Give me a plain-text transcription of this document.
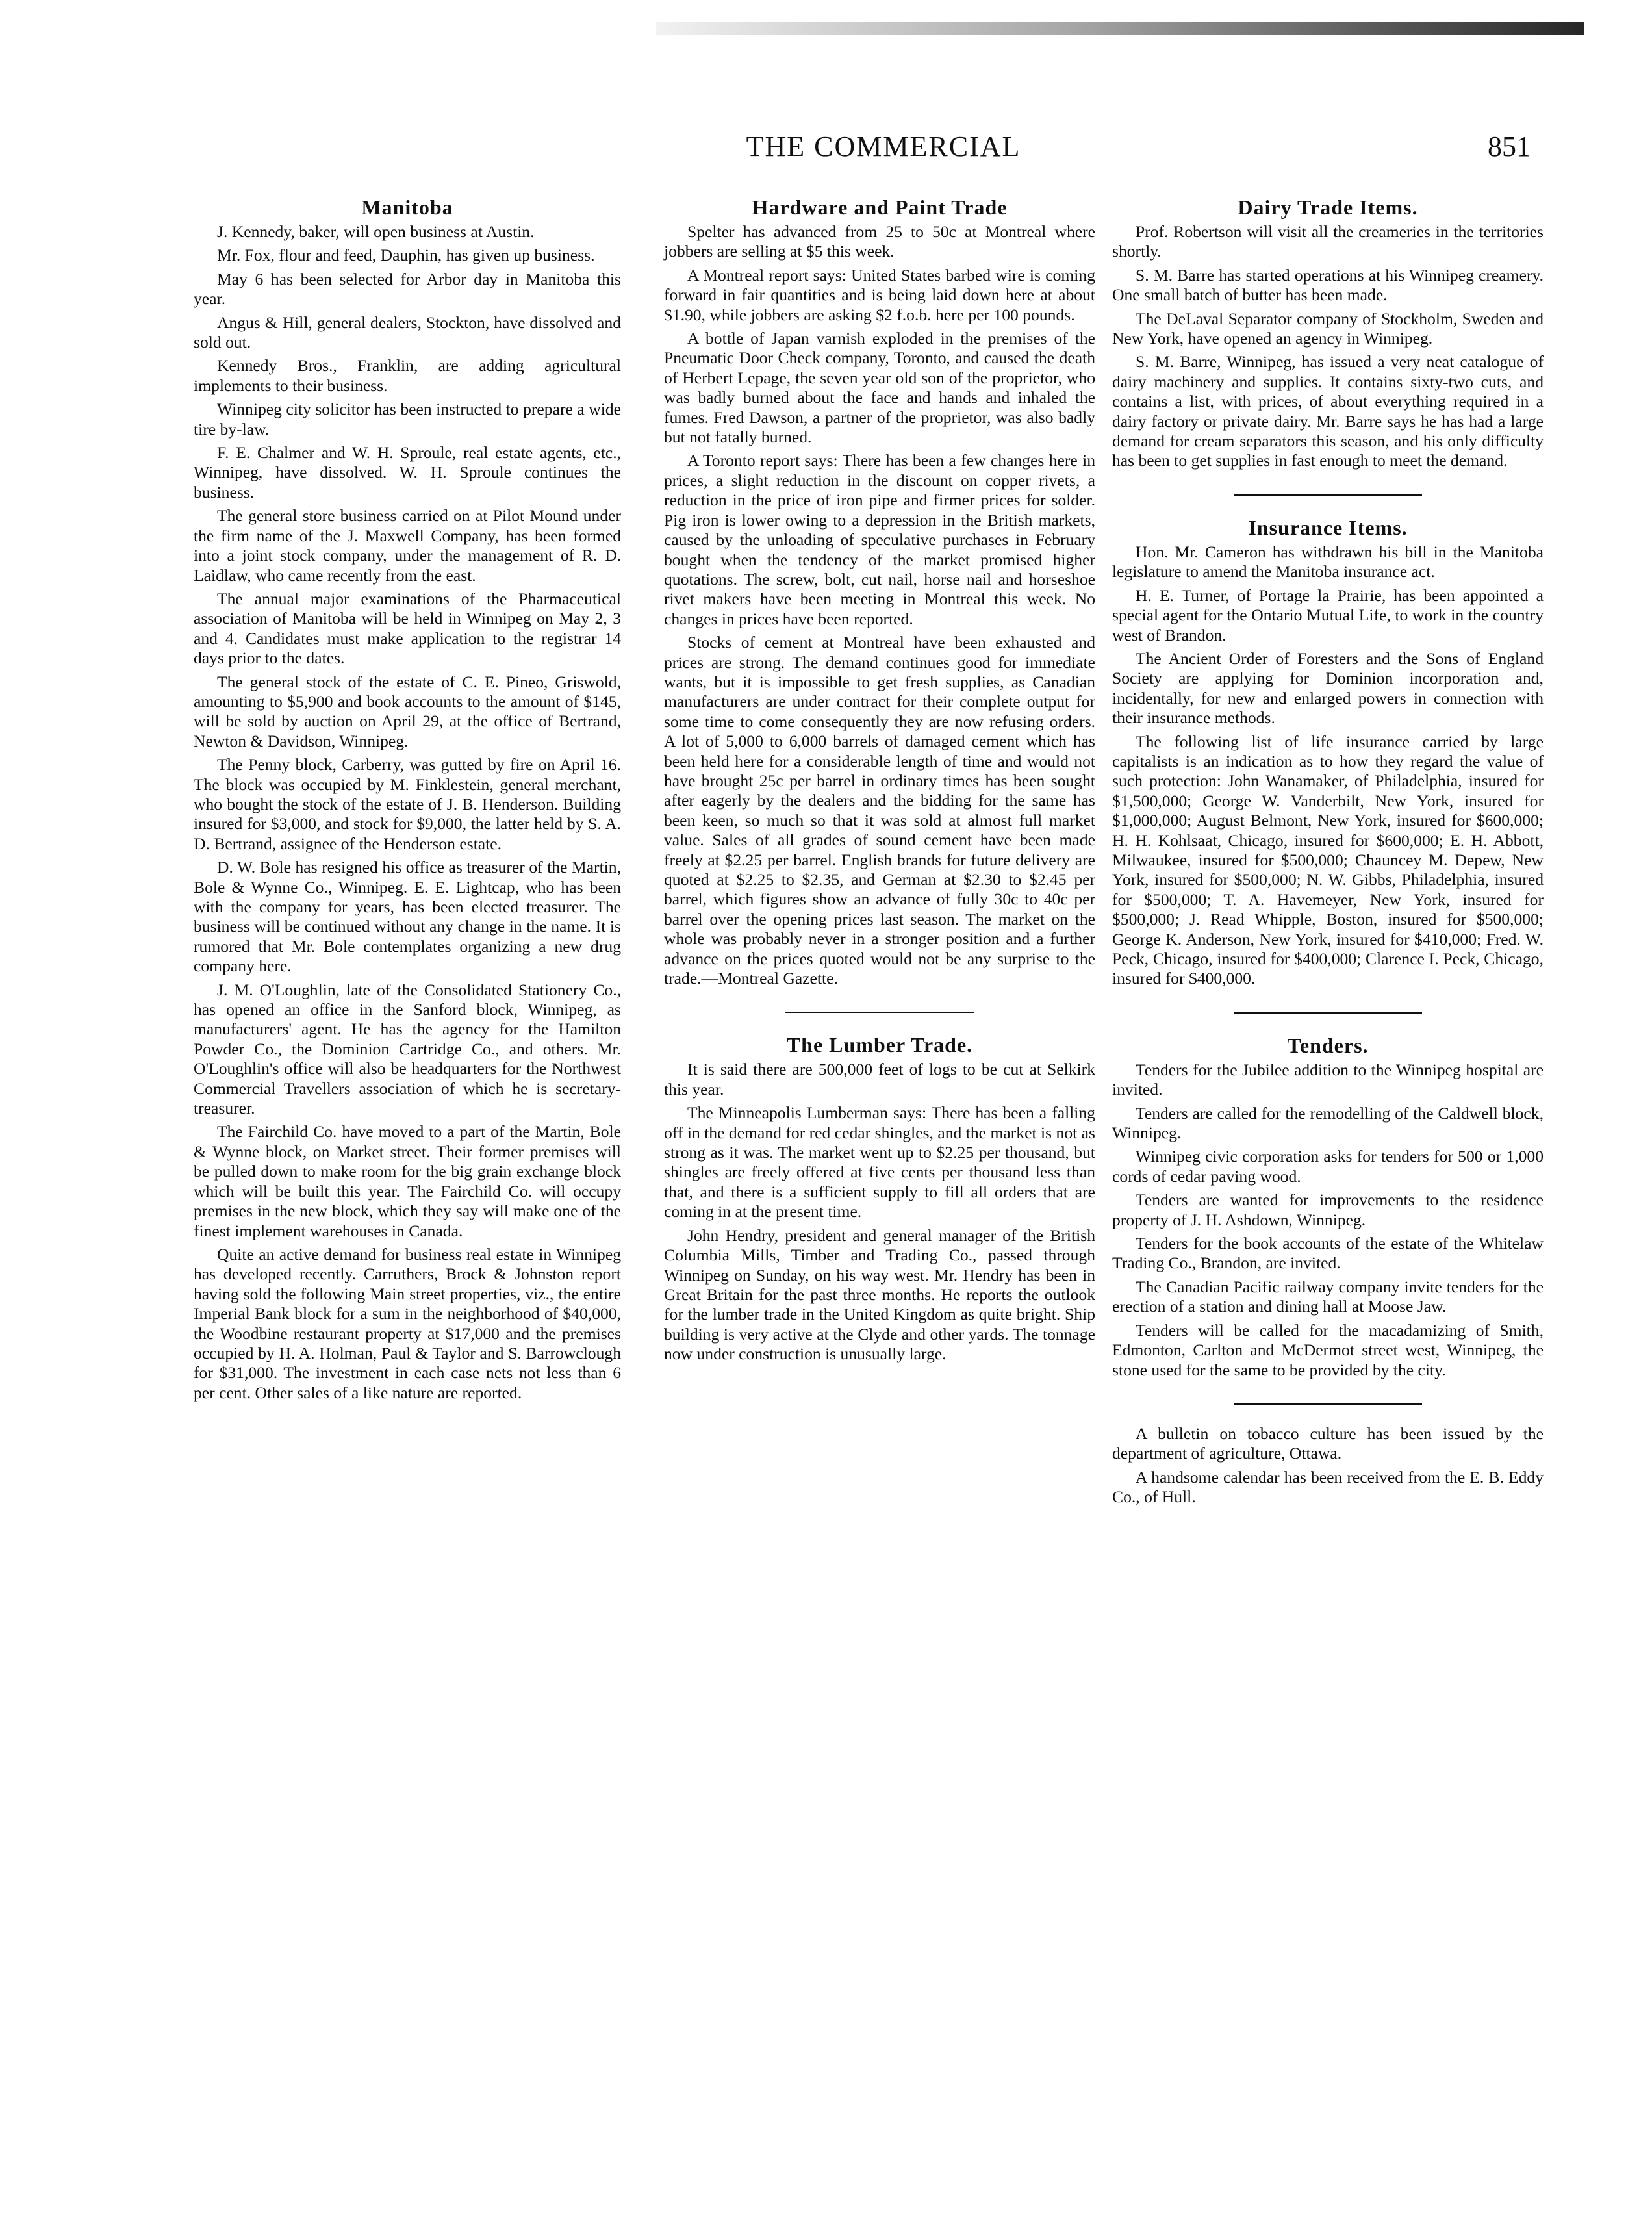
THE COMMERCIAL	851
Manitoba

J. Kennedy, baker, will open business at Austin.

Mr. Fox, flour and feed, Dauphin, has given up business.

May 6 has been selected for Arbor day in Manitoba this year.

Angus & Hill, general dealers, Stockton, have dissolved and sold out.

Kennedy Bros., Franklin, are adding agricultural implements to their business.

Winnipeg city solicitor has been instructed to prepare a wide tire by-law.

F. E. Chalmer and W. H. Sproule, real estate agents, etc., Winnipeg, have dissolved. W. H. Sproule continues the business.

The general store business carried on at Pilot Mound under the firm name of the J. Maxwell Company, has been formed into a joint stock company, under the management of R. D. Laidlaw, who came recently from the east.

The annual major examinations of the Pharmaceutical association of Manitoba will be held in Winnipeg on May 2, 3 and 4. Candidates must make application to the registrar 14 days prior to the dates.

The general stock of the estate of C. E. Pineo, Griswold, amounting to $5,900 and book accounts to the amount of $145, will be sold by auction on April 29, at the office of Bertrand, Newton & Davidson, Winnipeg.

The Penny block, Carberry, was gutted by fire on April 16. The block was occupied by M. Finklestein, general merchant, who bought the stock of the estate of J. B. Henderson. Building insured for $3,000, and stock for $9,000, the latter held by S. A. D. Bertrand, assignee of the Henderson estate.

D. W. Bole has resigned his office as treasurer of the Martin, Bole & Wynne Co., Winnipeg. E. E. Lightcap, who has been with the company for years, has been elected treasurer. The business will be continued without any change in the name. It is rumored that Mr. Bole contemplates organizing a new drug company here.

J. M. O'Loughlin, late of the Consolidated Stationery Co., has opened an office in the Sanford block, Winnipeg, as manufacturers' agent. He has the agency for the Hamilton Powder Co., the Dominion Cartridge Co., and others. Mr. O'Loughlin's office will also be headquarters for the Northwest Commercial Travellers association of which he is secretary-treasurer.

The Fairchild Co. have moved to a part of the Martin, Bole & Wynne block, on Market street. Their former premises will be pulled down to make room for the big grain exchange block which will be built this year. The Fairchild Co. will occupy premises in the new block, which they say will make one of the finest implement warehouses in Canada.

Quite an active demand for business real estate in Winnipeg has developed recently. Carruthers, Brock & Johnston report having sold the following Main street properties, viz., the entire Imperial Bank block for a sum in the neighborhood of $40,000, the Woodbine restaurant property at $17,000 and the premises occupied by H. A. Holman, Paul & Taylor and S. Barrowclough for $31,000. The investment in each case nets not less than 6 per cent. Other sales of a like nature are reported.

Hardware and Paint Trade

Spelter has advanced from 25 to 50c at Montreal where jobbers are selling at $5 this week.

A Montreal report says: United States barbed wire is coming forward in fair quantities and is being laid down here at about $1.90, while jobbers are asking $2 f.o.b. here per 100 pounds.

A bottle of Japan varnish exploded in the premises of the Pneumatic Door Check company, Toronto, and caused the death of Herbert Lepage, the seven year old son of the proprietor, who was badly burned about the face and hands and inhaled the fumes. Fred Dawson, a partner of the proprietor, was also badly but not fatally burned.

A Toronto report says: There has been a few changes here in prices, a slight reduction in the discount on copper rivets, a reduction in the price of iron pipe and firmer prices for solder. Pig iron is lower owing to a depression in the British markets, caused by the unloading of speculative purchases in February bought when the tendency of the market promised higher quotations. The screw, bolt, cut nail, horse nail and horseshoe rivet makers have been meeting in Montreal this week. No changes in prices have been reported.

Stocks of cement at Montreal have been exhausted and prices are strong. The demand continues good for immediate wants, but it is impossible to get fresh supplies, as Canadian manufacturers are under contract for their complete output for some time to come consequently they are now refusing orders. A lot of 5,000 to 6,000 barrels of damaged cement which has been held here for a considerable length of time and would not have brought 25c per barrel in ordinary times has been sought after eagerly by the dealers and the bidding for the same has been keen, so much so that it was sold at almost full market value. Sales of all grades of sound cement have been made freely at $2.25 per barrel. English brands for future delivery are quoted at $2.25 to $2.35, and German at $2.30 to $2.45 per barrel, which figures show an advance of fully 30c to 40c per barrel over the opening prices last season. The market on the whole was probably never in a stronger position and a further advance on the prices quoted would not be any surprise to the trade.—Montreal Gazette.

The Lumber Trade.

It is said there are 500,000 feet of logs to be cut at Selkirk this year.

The Minneapolis Lumberman says: There has been a falling off in the demand for red cedar shingles, and the market is not as strong as it was. The market went up to $2.25 per thousand, but shingles are freely offered at five cents per thousand less than that, and there is a sufficient supply to fill all orders that are coming in at the present time.

John Hendry, president and general manager of the British Columbia Mills, Timber and Trading Co., passed through Winnipeg on Sunday, on his way west. Mr. Hendry has been in Great Britain for the past three months. He reports the outlook for the lumber trade in the United Kingdom as quite bright. Ship building is very active at the Clyde and other yards. The tonnage now under construction is unusually large.

Dairy Trade Items.

Prof. Robertson will visit all the creameries in the territories shortly.

S. M. Barre has started operations at his Winnipeg creamery. One small batch of butter has been made.

The DeLaval Separator company of Stockholm, Sweden and New York, have opened an agency in Winnipeg.

S. M. Barre, Winnipeg, has issued a very neat catalogue of dairy machinery and supplies. It contains sixty-two cuts, and contains a list, with prices, of about everything required in a dairy factory or private dairy. Mr. Barre says he has had a large demand for cream separators this season, and his only difficulty has been to get supplies in fast enough to meet the demand.

Insurance Items.

Hon. Mr. Cameron has withdrawn his bill in the Manitoba legislature to amend the Manitoba insurance act.

H. E. Turner, of Portage la Prairie, has been appointed a special agent for the Ontario Mutual Life, to work in the country west of Brandon.

The Ancient Order of Foresters and the Sons of England Society are applying for Dominion incorporation and, incidentally, for new and enlarged powers in connection with their insurance methods.

The following list of life insurance carried by large capitalists is an indication as to how they regard the value of such protection: John Wanamaker, of Philadelphia, insured for $1,500,000; George W. Vanderbilt, New York, insured for $1,000,000; August Belmont, New York, insured for $600,000; H. H. Kohlsaat, Chicago, insured for $600,000; E. H. Abbott, Milwaukee, insured for $500,000; Chauncey M. Depew, New York, insured for $500,000; N. W. Gibbs, Philadelphia, insured for $500,000; T. A. Havemeyer, New York, insured for $500,000; J. Read Whipple, Boston, insured for $500,000; George K. Anderson, New York, insured for $410,000; Fred. W. Peck, Chicago, insured for $400,000; Clarence I. Peck, Chicago, insured for $400,000.

Tenders.

Tenders for the Jubilee addition to the Winnipeg hospital are invited.

Tenders are called for the remodelling of the Caldwell block, Winnipeg.

Winnipeg civic corporation asks for tenders for 500 or 1,000 cords of cedar paving wood.

Tenders are wanted for improvements to the residence property of J. H. Ashdown, Winnipeg.

Tenders for the book accounts of the estate of the Whitelaw Trading Co., Brandon, are invited.

The Canadian Pacific railway company invite tenders for the erection of a station and dining hall at Moose Jaw.

Tenders will be called for the macadamizing of Smith, Edmonton, Carlton and McDermot street west, Winnipeg, the stone used for the same to be provided by the city.

A bulletin on tobacco culture has been issued by the department of agriculture, Ottawa.

A handsome calendar has been received from the E. B. Eddy Co., of Hull.
